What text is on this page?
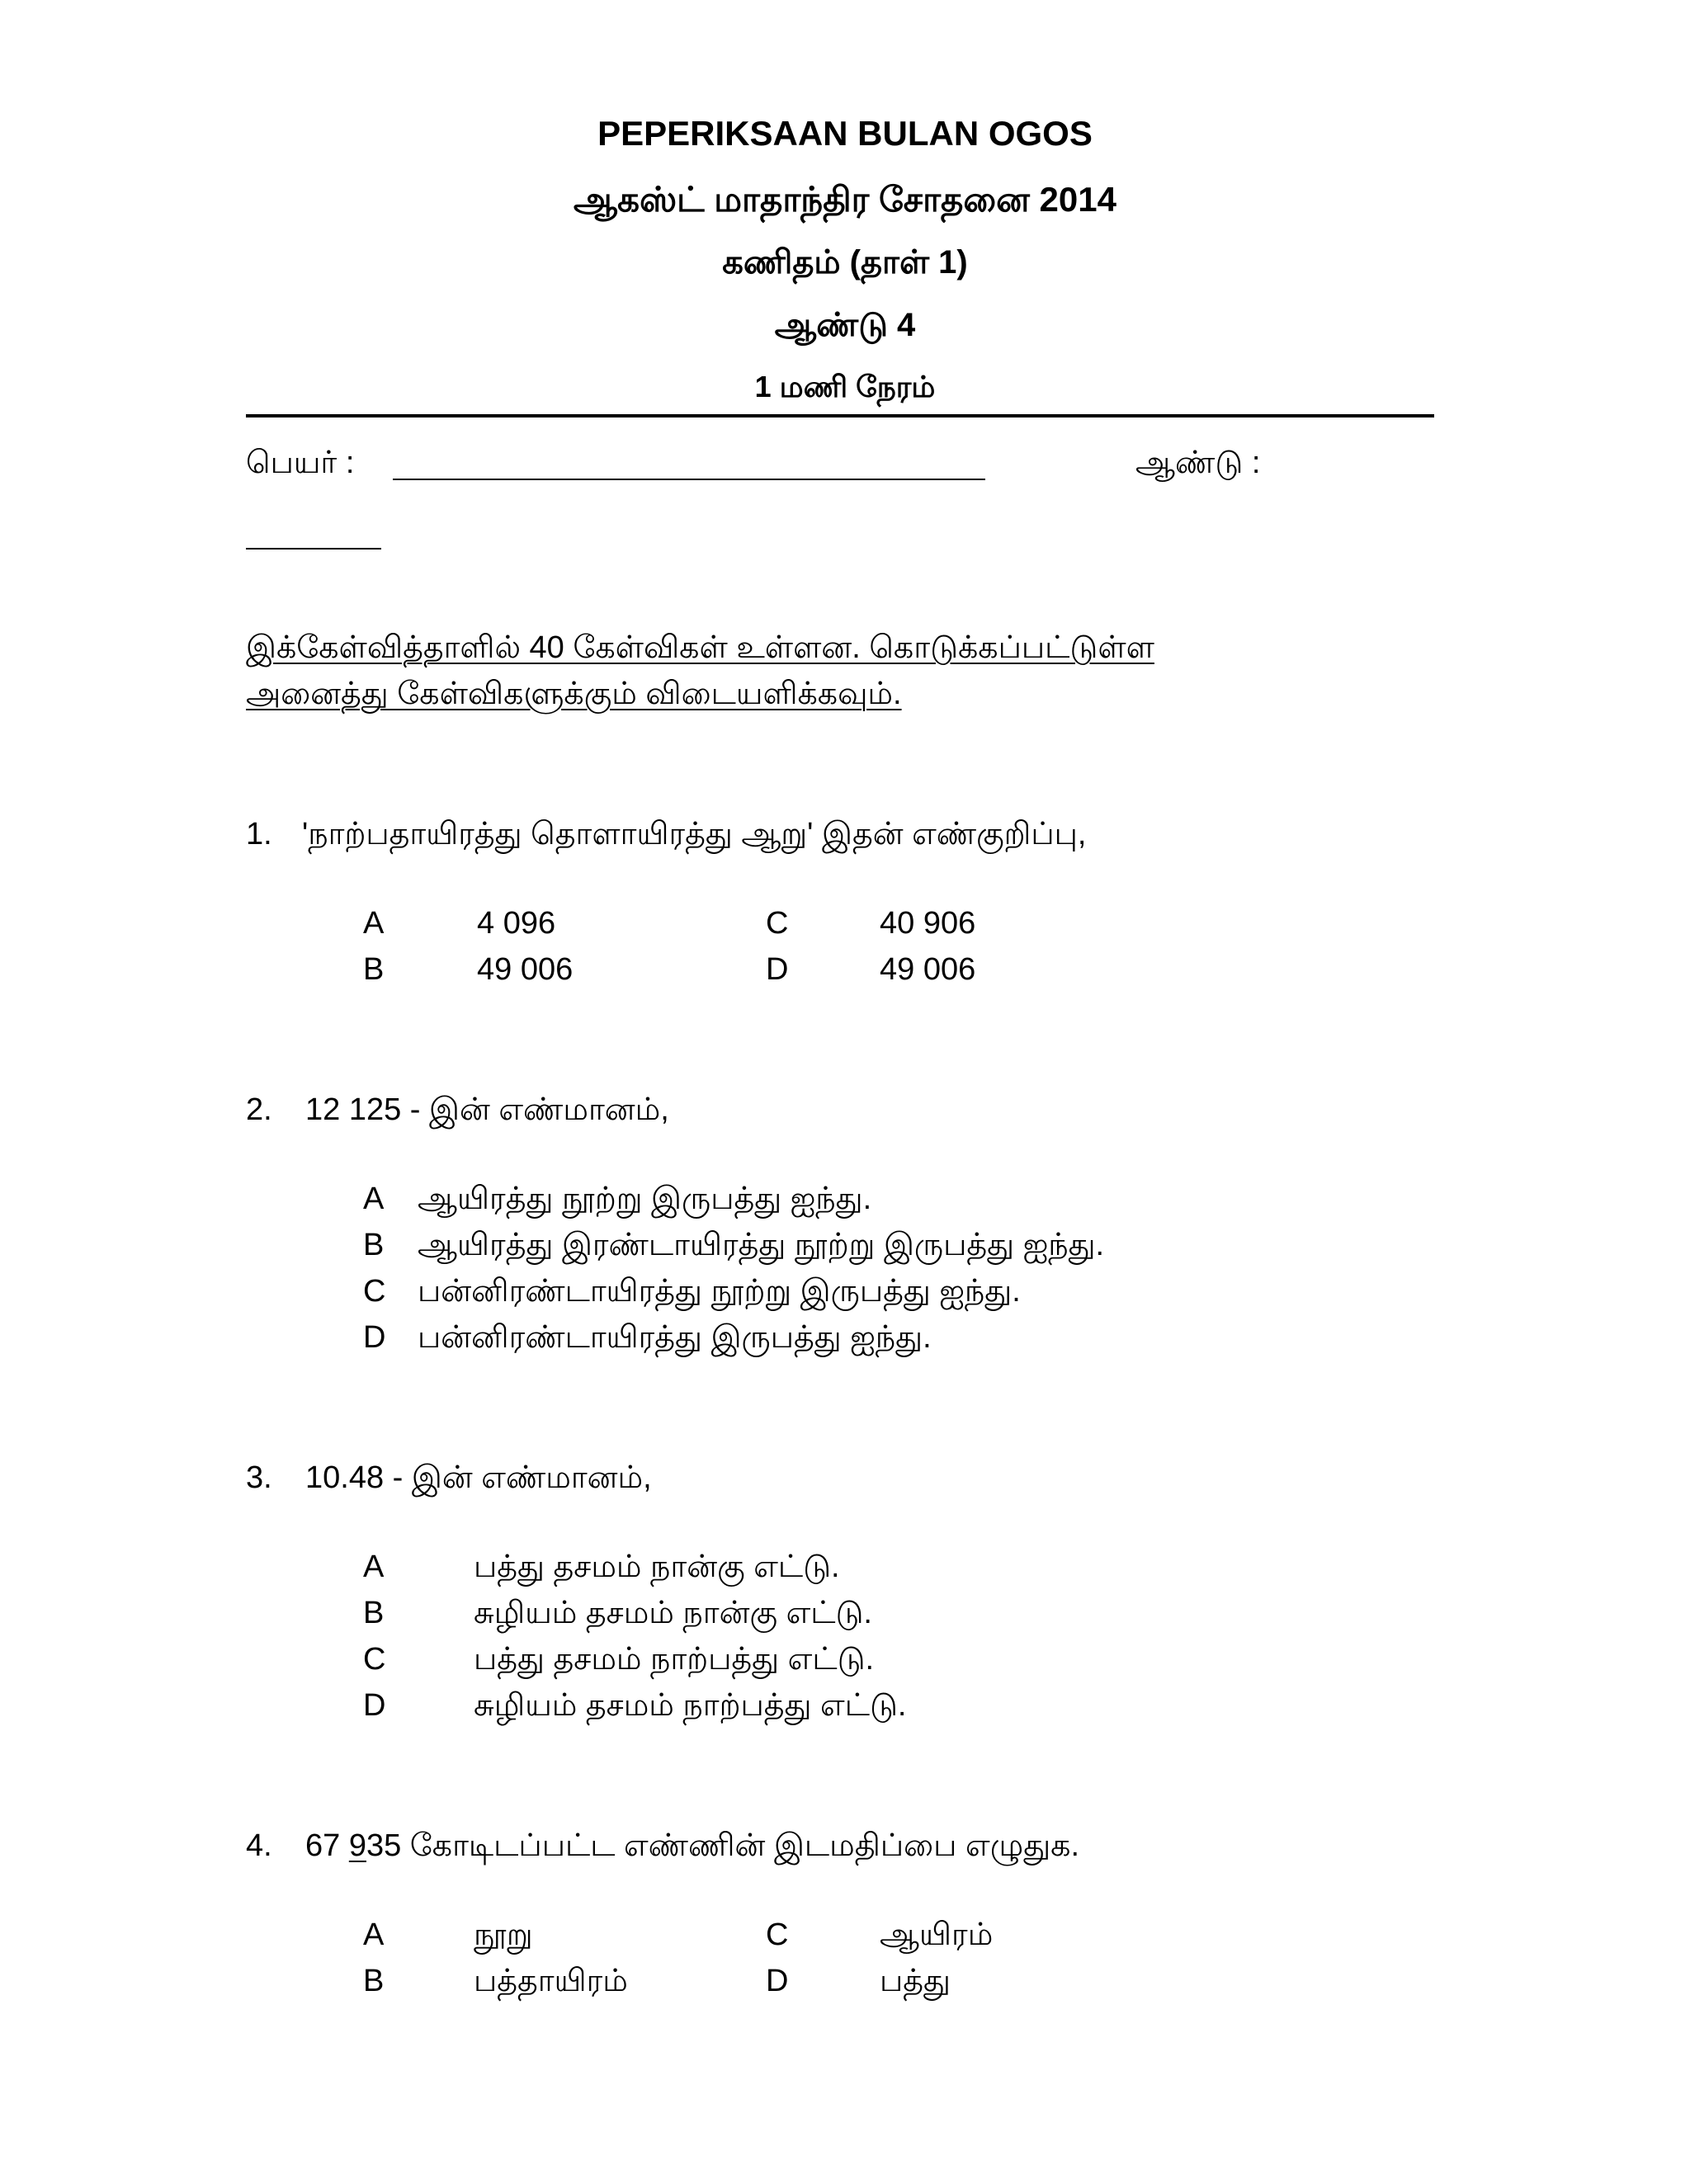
PEPERIKSAAN BULAN OGOS
ஆகஸ்ட் மாதாந்திர சோதனை 2014
கணிதம் (தாள் 1)
ஆண்டு 4
1 மணி நேரம்
பெயர் :	ஆண்டு :
இக்கேள்வித்தாளில் 40 கேள்விகள் உள்ளன. கொடுக்கப்பட்டுள்ள
அனைத்து கேள்விகளுக்கும் விடையளிக்கவும்.
1. 'நாற்பதாயிரத்து தொளாயிரத்து ஆறு' இதன் எண்குறிப்பு,
A	4 096	C	40 906
B	49 006	D	49 006
2. 12 125 - இன் எண்மானம்,
A ஆயிரத்து நூற்று இருபத்து ஐந்து.
B ஆயிரத்து இரண்டாயிரத்து நூற்று இருபத்து ஐந்து.
C பன்னிரண்டாயிரத்து நூற்று இருபத்து ஐந்து.
D பன்னிரண்டாயிரத்து இருபத்து ஐந்து.
3. 10.48 - இன் எண்மானம்,
A	பத்து தசமம் நான்கு எட்டு.
B	சுழியம் தசமம் நான்கு எட்டு.
C	பத்து தசமம் நாற்பத்து எட்டு.
D	சுழியம் தசமம் நாற்பத்து எட்டு.
4. 67 935 கோடிடப்பட்ட எண்ணின் இடமதிப்பை எழுதுக.
A	நூறு	C	ஆயிரம்
B	பத்தாயிரம்	D	பத்து
